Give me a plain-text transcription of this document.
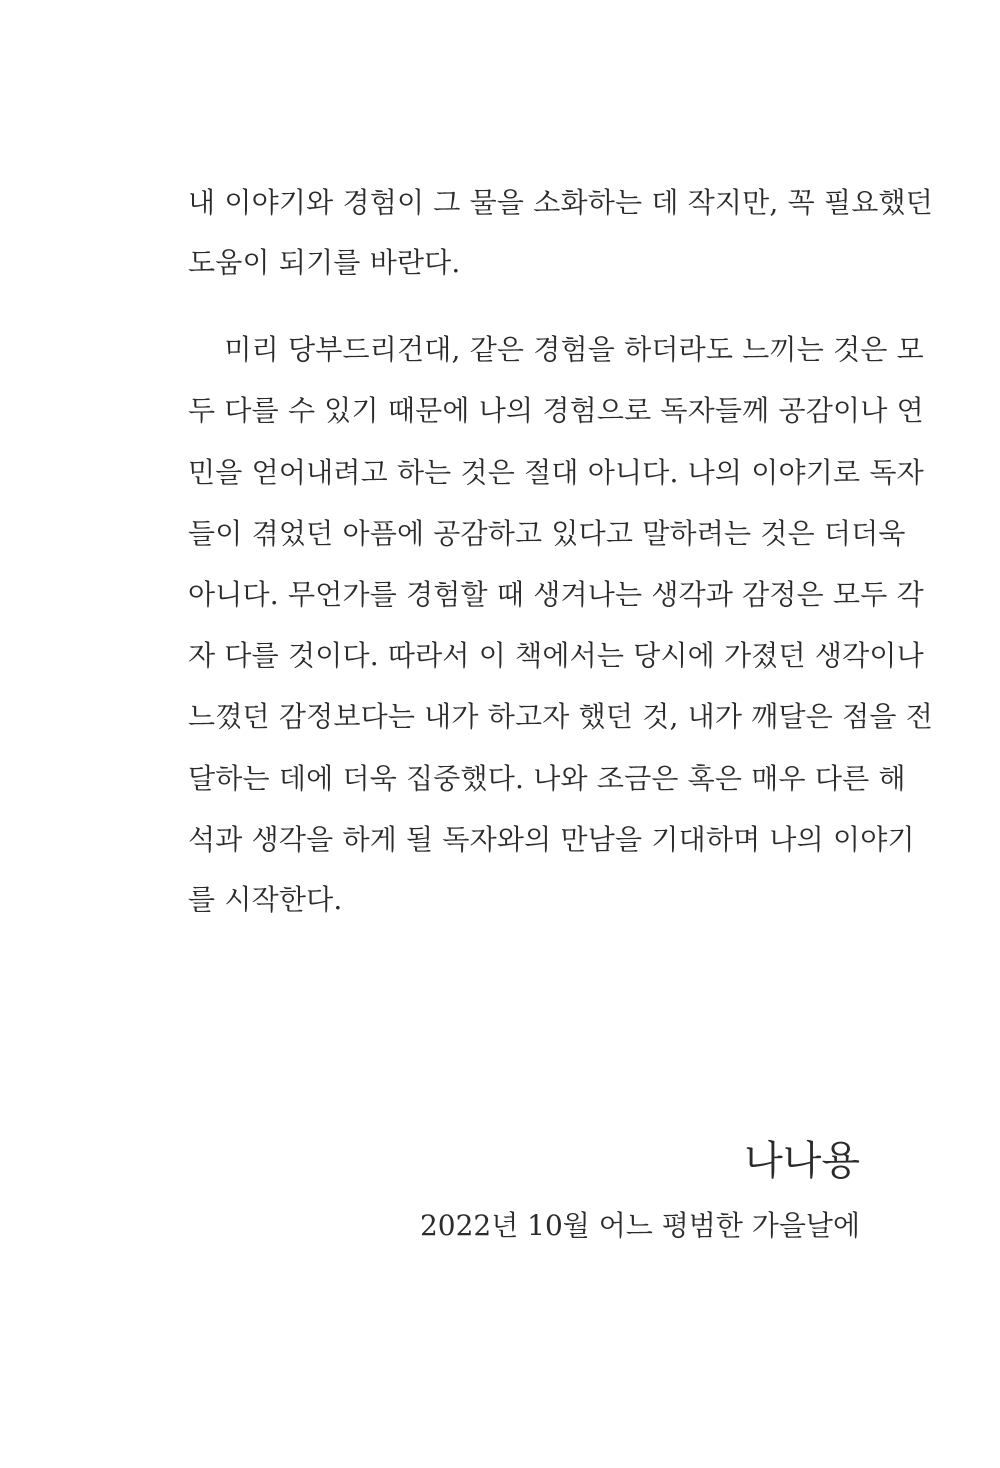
내 이야기와 경험이 그 물을 소화하는 데 작지만, 꼭 필요했던
도움이 되기를 바란다.
미리 당부드리건대, 같은 경험을 하더라도 느끼는 것은 모
두 다를 수 있기 때문에 나의 경험으로 독자들께 공감이나 연
민을 얻어내려고 하는 것은 절대 아니다. 나의 이야기로 독자
들이 겪었던 아픔에 공감하고 있다고 말하려는 것은 더더욱
아니다. 무언가를 경험할 때 생겨나는 생각과 감정은 모두 각
자 다를 것이다. 따라서 이 책에서는 당시에 가졌던 생각이나
느꼈던 감정보다는 내가 하고자 했던 것, 내가 깨달은 점을 전
달하는 데에 더욱 집중했다. 나와 조금은 혹은 매우 다른 해
석과 생각을 하게 될 독자와의 만남을 기대하며 나의 이야기
를 시작한다.
나나용
2022년 10월 어느 평범한 가을날에
